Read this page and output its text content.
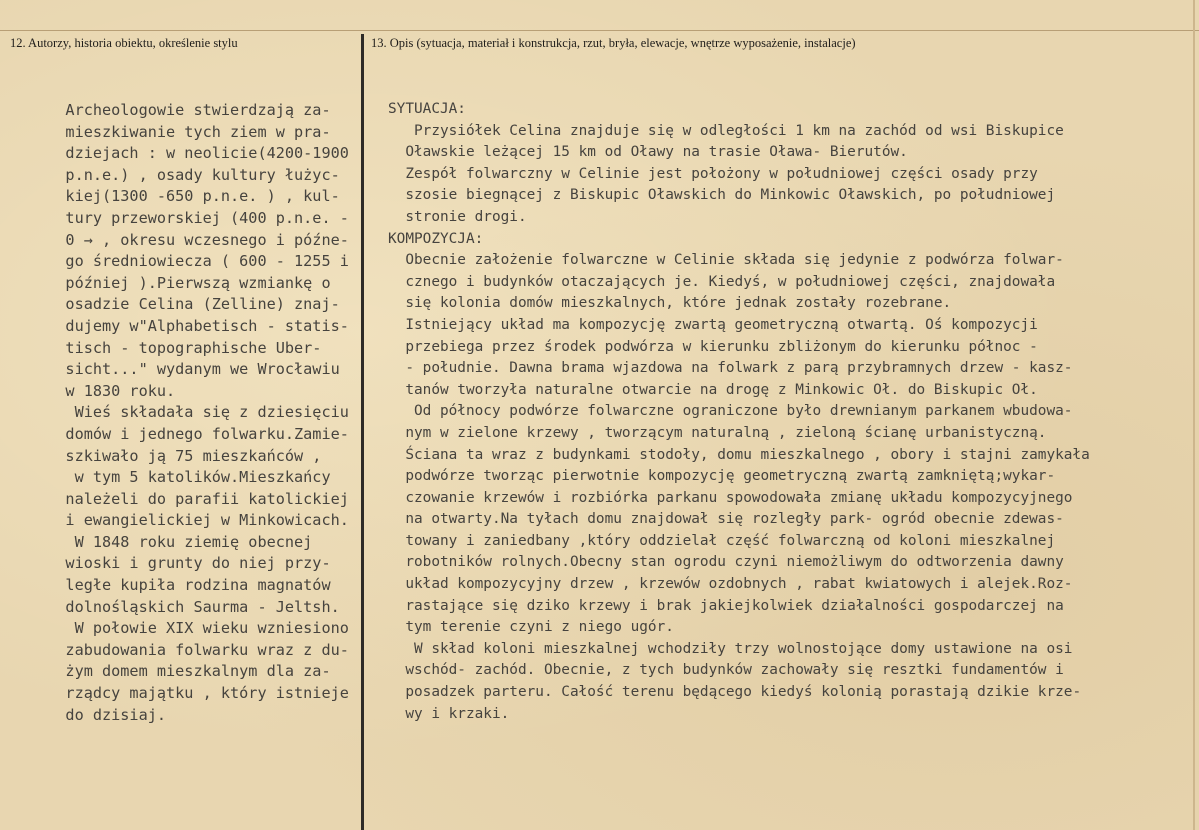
12. Autorzy, historia obiektu, określenie stylu	13. Opis (sytuacja, materiał i konstrukcja, rzut, bryła, elewacje, wnętrze wyposażenie, instalacje)
Archeologowie stwierdzają za-
mieszkiwanie tych ziem w pra-
dziejach : w neolicie(4200-1900
p.n.e.) , osady kultury łużyc-
kiej(1300 -650 p.n.e. ) , kul-
tury przeworskiej (400 p.n.e. -
0 → , okresu wczesnego i późne-
go średniowiecza ( 600 - 1255 i
później ).Pierwszą wzmiankę o
osadzie Celina (Zelline) znaj-
dujemy w"Alphabetisch - statis-
tisch - topographische Uber-
sicht..." wydanym we Wrocławiu
w 1830 roku.
Wieś składała się z dziesięciu
domów i jednego folwarku.Zamie-
szkiwało ją 75 mieszkańców ,
w tym 5 katolików.Mieszkańcy
należeli do parafii katolickiej
i ewangielickiej w Minkowicach.
W 1848 roku ziemię obecnej
wioski i grunty do niej przy-
ległe kupiła rodzina magnatów
dolnośląskich Saurma - Jeltsh.
W połowie XIX wieku wzniesiono
zabudowania folwarku wraz z du-
żym domem mieszkalnym dla za-
rządcy majątku , który istnieje
do dzisiaj.
SYTUACJA:
Przysiółek Celina znajduje się w odległości 1 km na zachód od wsi Biskupice
Oławskie leżącej 15 km od Oławy na trasie Oława- Bierutów.
Zespół folwarczny w Celinie jest położony w południowej części osady przy
szosie biegnącej z Biskupic Oławskich do Minkowic Oławskich, po południowej
stronie drogi.
KOMPOZYCJA:
Obecnie założenie folwarczne w Celinie składa się jedynie z podwórza folwar-
cznego i budynków otaczających je. Kiedyś, w południowej części, znajdowała
się kolonia domów mieszkalnych, które jednak zostały rozebrane.
Istniejący układ ma kompozycję zwartą geometryczną otwartą. Oś kompozycji
przebiega przez środek podwórza w kierunku zbliżonym do kierunku północ -
- południe. Dawna brama wjazdowa na folwark z parą przybramnych drzew - kasz-
tanów tworzyła naturalne otwarcie na drogę z Minkowic Oł. do Biskupic Oł.
Od północy podwórze folwarczne ograniczone było drewnianym parkanem wbudowa-
nym w zielone krzewy , tworzącym naturalną , zieloną ścianę urbanistyczną.
Ściana ta wraz z budynkami stodoły, domu mieszkalnego , obory i stajni zamykała
podwórze tworząc pierwotnie kompozycję geometryczną zwartą zamkniętą;wykar-
czowanie krzewów i rozbiórka parkanu spowodowała zmianę układu kompozycyjnego
na otwarty.Na tyłach domu znajdował się rozległy park- ogród obecnie zdewas-
towany i zaniedbany ,który oddzielał część folwarczną od koloni mieszkalnej
robotników rolnych.Obecny stan ogrodu czyni niemożliwym do odtworzenia dawny
układ kompozycyjny drzew , krzewów ozdobnych , rabat kwiatowych i alejek.Roz-
rastające się dziko krzewy i brak jakiejkolwiek działalności gospodarczej na
tym terenie czyni z niego ugór.
W skład koloni mieszkalnej wchodziły trzy wolnostojące domy ustawione na osi
wschód- zachód. Obecnie, z tych budynków zachowały się resztki fundamentów i
posadzek parteru. Całość terenu będącego kiedyś kolonią porastają dzikie krze-
wy i krzaki.
